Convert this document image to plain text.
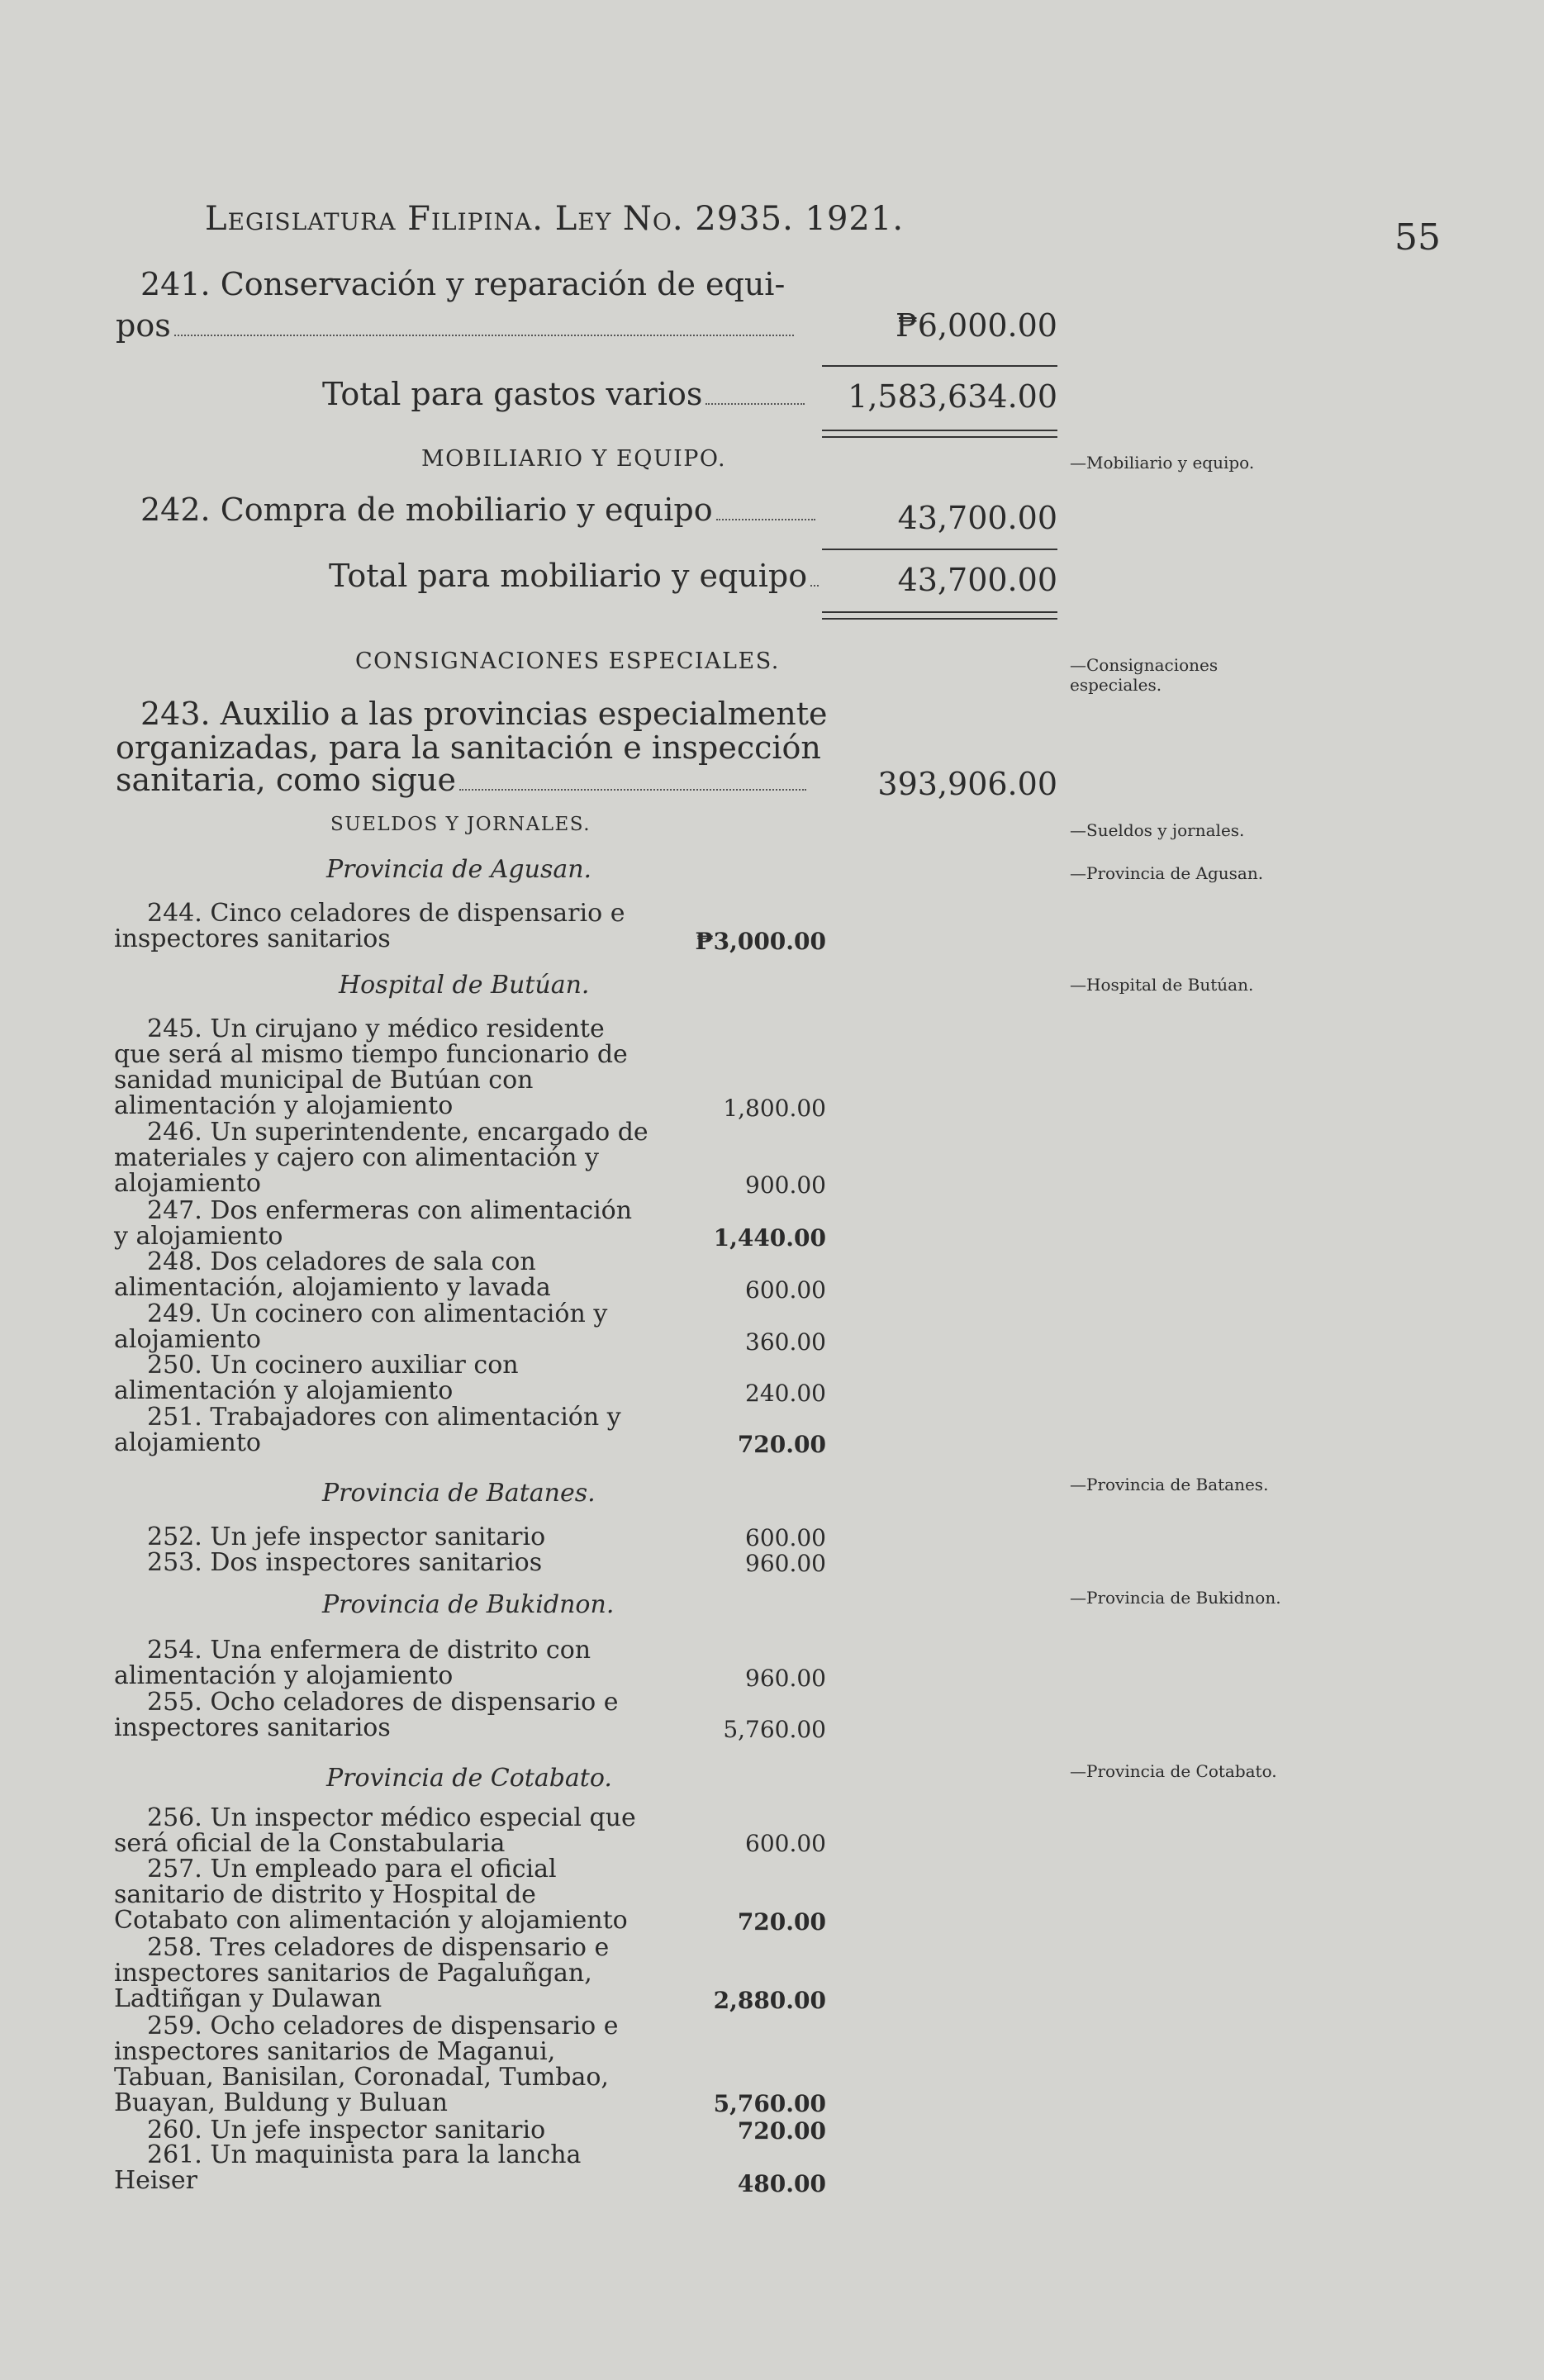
Legislatura Filipina. Ley No. 2935. 1921.	55
241. Conservación y reparación de equi-
pos	₱6,000.00
Total para gastos varios	1,583,634.00
MOBILIARIO Y EQUIPO.	—Mobiliario y equipo.
242. Compra de mobiliario y equipo	43,700.00
Total para mobiliario y equipo	43,700.00
CONSIGNACIONES ESPECIALES.	—Consignaciones especiales.
243. Auxilio a las provincias especialmente
organizadas, para la sanitación e inspección
sanitaria, como sigue	393,906.00
SUELDOS Y JORNALES.	—Sueldos y jornales.
Provincia de Agusan.	—Provincia de Agusan.
244. Cinco celadores de dispensario e inspectores sanitarios	₱3,000.00
Hospital de Butúan.	—Hospital de Butúan.
245. Un cirujano y médico residente que será al mismo tiempo funcionario de sanidad municipal de Butúan con alimentación y alojamiento	1,800.00
246. Un superintendente, encargado de materiales y cajero con alimentación y alojamiento	900.00
247. Dos enfermeras con alimentación y alojamiento	1,440.00
248. Dos celadores de sala con alimentación, alojamiento y lavada	600.00
249. Un cocinero con alimentación y alojamiento	360.00
250. Un cocinero auxiliar con alimentación y alojamiento	240.00
251. Trabajadores con alimentación y alojamiento	720.00
Provincia de Batanes.	—Provincia de Batanes.
252. Un jefe inspector sanitario	600.00
253. Dos inspectores sanitarios	960.00
Provincia de Bukidnon.	—Provincia de Bukidnon.
254. Una enfermera de distrito con alimentación y alojamiento	960.00
255. Ocho celadores de dispensario e inspectores sanitarios	5,760.00
Provincia de Cotabato.	—Provincia de Cotabato.
256. Un inspector médico especial que será oficial de la Constabularia	600.00
257. Un empleado para el oficial sanitario de distrito y Hospital de Cotabato con alimentación y alojamiento	720.00
258. Tres celadores de dispensario e inspectores sanitarios de Pagaluñgan, Ladtiñgan y Dulawan	2,880.00
259. Ocho celadores de dispensario e inspectores sanitarios de Maganui, Tabuan, Banisilan, Coronadal, Tumbao, Buayan, Buldung y Buluan	5,760.00
260. Un jefe inspector sanitario	720.00
261. Un maquinista para la lancha Heiser	480.00
